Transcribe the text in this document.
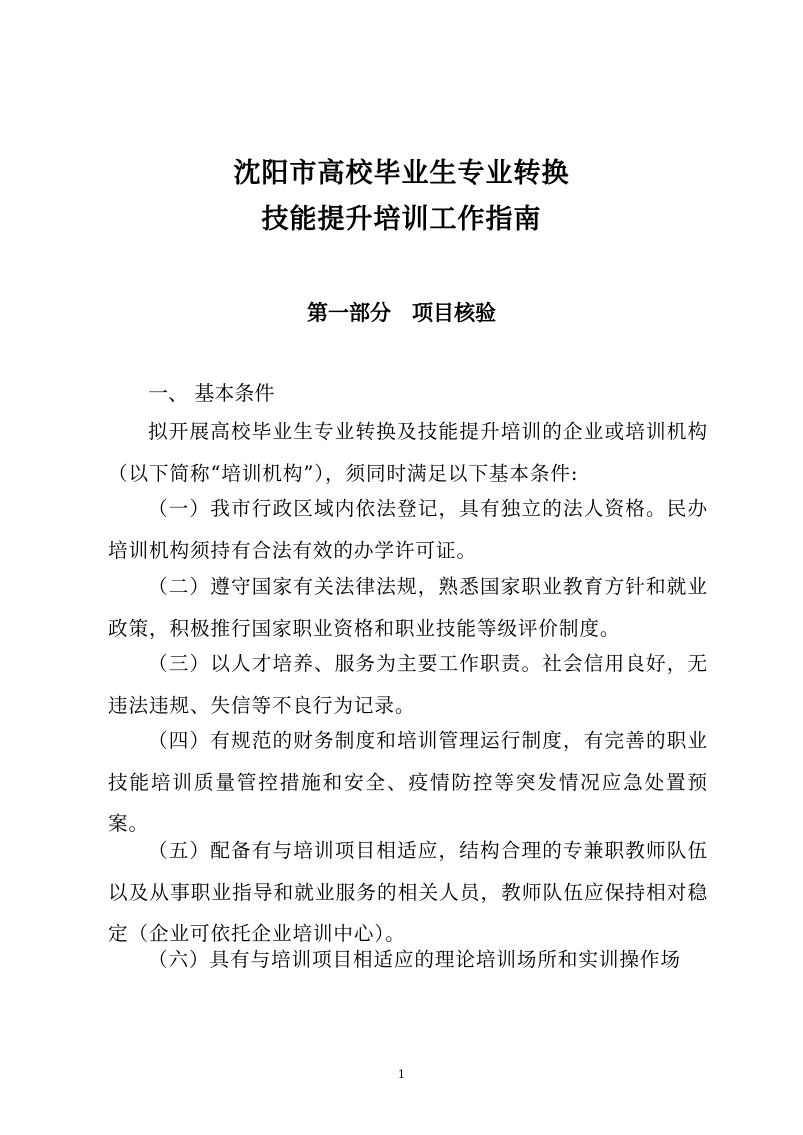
沈阳市高校毕业生专业转换
技能提升培训工作指南
第一部分　项目核验
一、 基本条件
拟开展高校毕业生专业转换及技能提升培训的企业或培训机构（以下简称“培训机构”），须同时满足以下基本条件:
（一）我市行政区域内依法登记，具有独立的法人资格。民办培训机构须持有合法有效的办学许可证。
（二）遵守国家有关法律法规，熟悉国家职业教育方针和就业政策，积极推行国家职业资格和职业技能等级评价制度。
（三）以人才培养、服务为主要工作职责。社会信用良好，无违法违规、失信等不良行为记录。
（四）有规范的财务制度和培训管理运行制度，有完善的职业技能培训质量管控措施和安全、疫情防控等突发情况应急处置预案。
（五）配备有与培训项目相适应，结构合理的专兼职教师队伍以及从事职业指导和就业服务的相关人员，教师队伍应保持相对稳定（企业可依托企业培训中心）。
（六）具有与培训项目相适应的理论培训场所和实训操作场
1
